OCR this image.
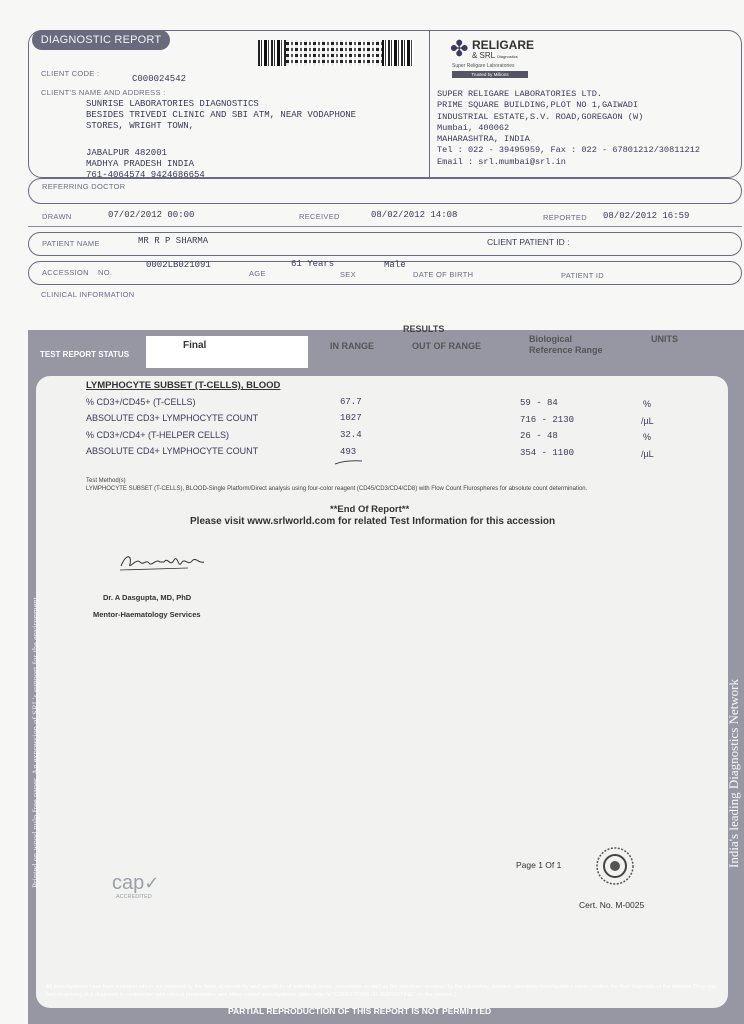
DIAGNOSTIC REPORT
CLIENT CODE :
C000024542
CLIENT'S NAME AND ADDRESS :
SUNRISE LABORATORIES DIAGNOSTICS
BESIDES TRIVEDI CLINIC AND SBI ATM, NEAR VODAPHONE
STORES, WRIGHT TOWN,
JABALPUR 482001
MADHYA PRADESH INDIA
761-4064574 9424686654
✤ RELIGARE
& SRL Diagnostics
Super Religare Laboratories
Trusted by Millions
SUPER RELIGARE LABORATORIES LTD.
PRIME SQUARE BUILDING,PLOT NO 1,GAIWADI
INDUSTRIAL ESTATE,S.V. ROAD,GOREGAON (W)
Mumbai, 400062
MAHARASHTRA, INDIA
Tel : 022 - 39495959, Fax : 022 - 67801212/30811212
Email : srl.mumbai@srl.in
REFERRING DOCTOR
DRAWN	07/02/2012 00:00	RECEIVED	08/02/2012 14:08	REPORTED 08/02/2012 16:59
PATIENT NAME	MR R P SHARMA	CLIENT PATIENT ID :
ACCESSION NO.
0002LB021091
AGE
61 Years
SEX
Male
DATE OF BIRTH	PATIENT ID
CLINICAL INFORMATION
RESULTS
Final
TEST REPORT STATUS
IN RANGE	OUT OF RANGE
Biological
Reference Range
UNITS
LYMPHOCYTE SUBSET (T-CELLS), BLOOD
% CD3+/CD45+ (T-CELLS)	67.7	59 - 84	%
ABSOLUTE CD3+ LYMPHOCYTE COUNT	1027	716 - 2130	/µL
% CD3+/CD4+ (T-HELPER CELLS)	32.4	26 - 48	%
ABSOLUTE CD4+ LYMPHOCYTE COUNT	493	354 - 1100	/µL
Test Method(s)
LYMPHOCYTE SUBSET (T-CELLS), BLOOD-Single Platform/Direct analysis using four-color reagent (CD45/CD3/CD4/CD8) with Flow Count Flurospheres for absolute count determination.
**End Of Report**
Please visit www.srlworld.com for related Test Information for this accession
Dr. A Dasgupta, MD, PhD
Mentor-Haematology Services
Page 1 Of 1
Cert. No. M-0025
cap✓
ACCREDITED
Printed on wood pulp free paper. An expression of SRL's support for the environment	India's leading Diagnostics Network
All investigations have their limitation which are imposed by the limits of sensitivity and specificity of individual assay procedures as well as the specimen received by the laboratory. Isolated laboratory investigations never confirm the final diagnosis of the disease They only help in arriving at a diagnosis in conjunction with clinical presentation and other related investigations. (Also refer to "CONDITIONS OF REPORTING" on the reverse.)
PARTIAL REPRODUCTION OF THIS REPORT IS NOT PERMITTED
